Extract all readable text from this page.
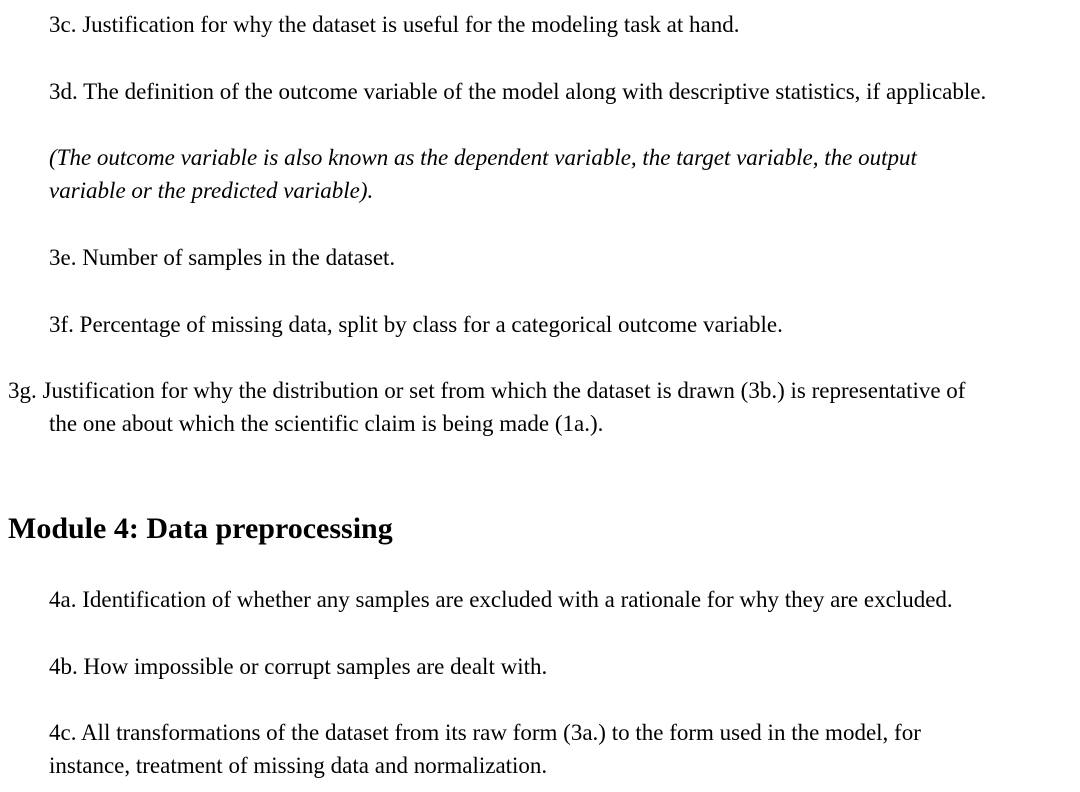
3c. Justification for why the dataset is useful for the modeling task at hand.
3d. The definition of the outcome variable of the model along with descriptive statistics, if applicable.
(The outcome variable is also known as the dependent variable, the target variable, the output
variable or the predicted variable).
3e. Number of samples in the dataset.
3f. Percentage of missing data, split by class for a categorical outcome variable.
3g. Justification for why the distribution or set from which the dataset is drawn (3b.) is representative of
the one about which the scientific claim is being made (1a.).
Module 4: Data preprocessing
4a. Identification of whether any samples are excluded with a rationale for why they are excluded.
4b. How impossible or corrupt samples are dealt with.
4c. All transformations of the dataset from its raw form (3a.) to the form used in the model, for
instance, treatment of missing data and normalization.
